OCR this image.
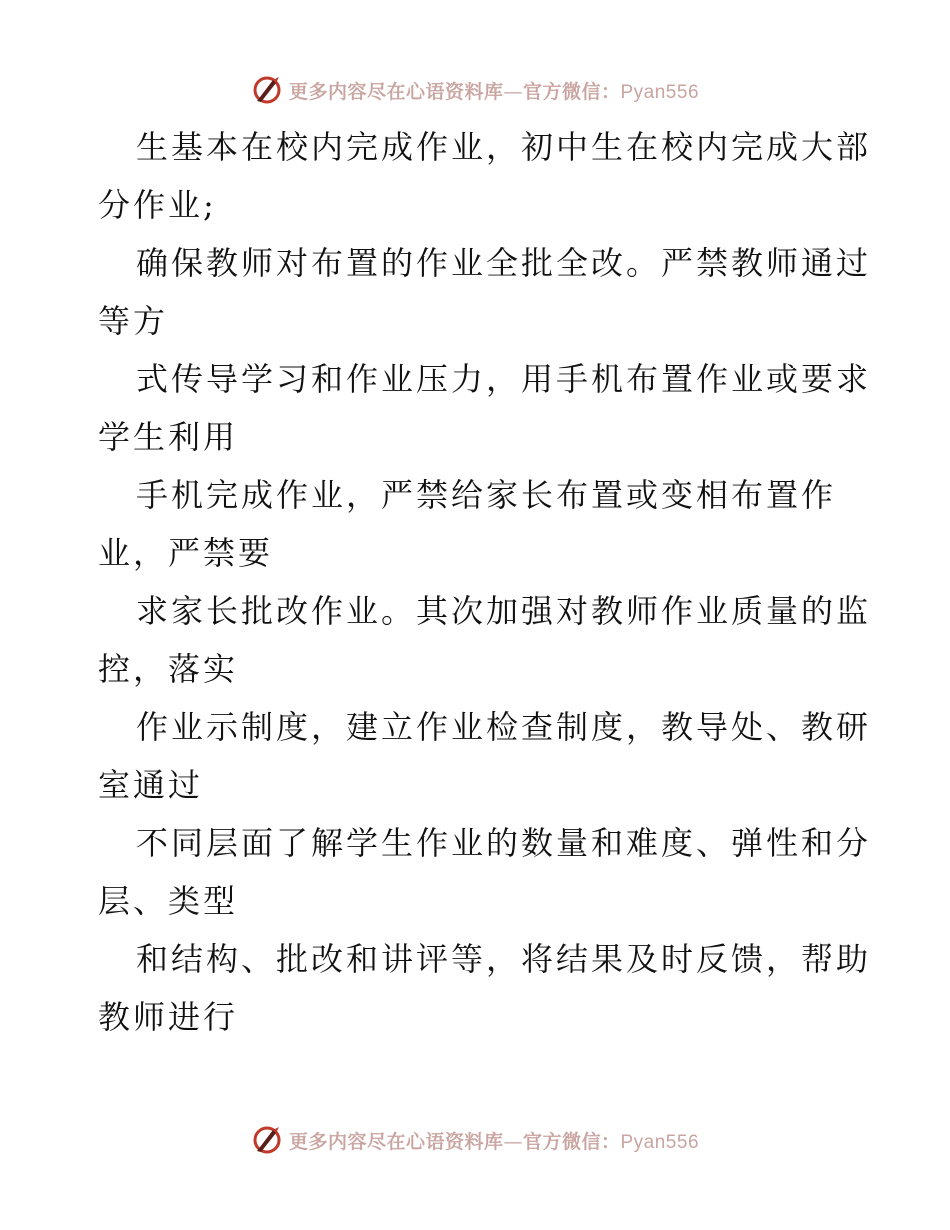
更多内容尽在心语资料库—官方微信：Pyan556
生基本在校内完成作业，初中生在校内完成大部
分作业;
确保教师对布置的作业全批全改。严禁教师通过
等方
式传导学习和作业压力，用手机布置作业或要求
学生利用
手机完成作业，严禁给家长布置或变相布置作
业，严禁要
求家长批改作业。其次加强对教师作业质量的监
控，落实
作业示制度，建立作业检查制度，教导处、教研
室通过
不同层面了解学生作业的数量和难度、弹性和分
层、类型
和结构、批改和讲评等，将结果及时反馈，帮助
教师进行
更多内容尽在心语资料库—官方微信：Pyan556
